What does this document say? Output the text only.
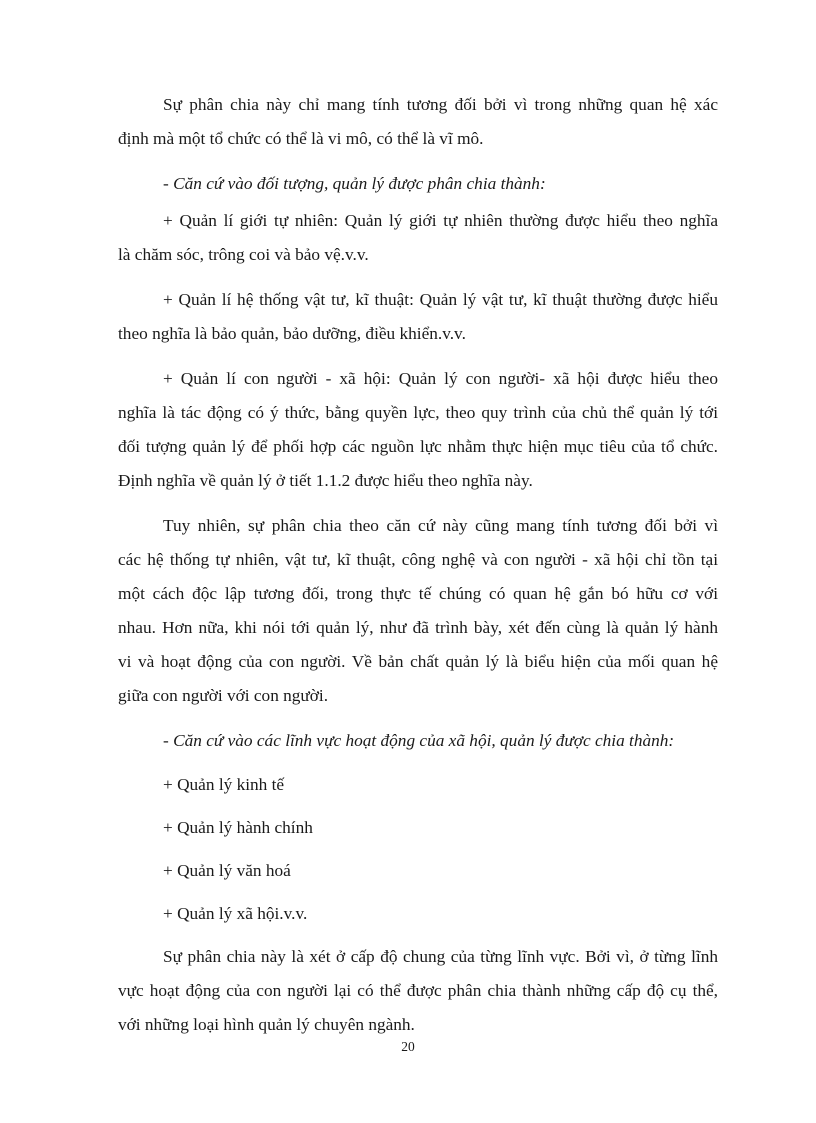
Sự phân chia này chỉ mang tính tương đối bởi vì trong những quan hệ xác
định mà một tổ chức có thể là vi mô, có thể là vĩ mô.
- Căn cứ vào đối tượng, quản lý được phân chia thành:
+ Quản lí giới tự nhiên: Quản lý giới tự nhiên thường được hiểu theo nghĩa
là chăm sóc, trông coi và bảo vệ.v.v.
+ Quản lí hệ thống vật tư, kĩ thuật: Quản lý vật tư, kĩ thuật thường được hiểu
theo nghĩa là bảo quản, bảo dưỡng, điều khiển.v.v.
+ Quản lí con người - xã hội: Quản lý con người- xã hội được hiểu theo
nghĩa là tác động có ý thức, bằng quyền lực, theo quy trình của chủ thể quản lý tới
đối tượng quản lý để phối hợp các nguồn lực nhằm thực hiện mục tiêu của tổ chức.
Định nghĩa về quản lý ở tiết 1.1.2 được hiểu theo nghĩa này.
Tuy nhiên, sự phân chia theo căn cứ này cũng mang tính tương đối bởi vì
các hệ thống tự nhiên, vật tư, kĩ thuật, công nghệ và con người - xã hội chỉ tồn tại
một cách độc lập tương đối, trong thực tế chúng có quan hệ gắn bó hữu cơ với
nhau. Hơn nữa, khi nói tới quản lý, như đã trình bày, xét đến cùng là quản lý hành
vi và hoạt động của con người. Về bản chất quản lý là biểu hiện của mối quan hệ
giữa con người với con người.
- Căn cứ vào các lĩnh vực hoạt động của xã hội, quản lý được chia thành:
+ Quản lý kinh tế
+ Quản lý hành chính
+ Quản lý văn hoá
+ Quản lý xã hội.v.v.
Sự phân chia này là xét ở cấp độ chung của từng lĩnh vực. Bởi vì, ở từng lĩnh
vực hoạt động của con người lại có thể được phân chia thành những cấp độ cụ thể,
với những loại hình quản lý chuyên ngành.
20
